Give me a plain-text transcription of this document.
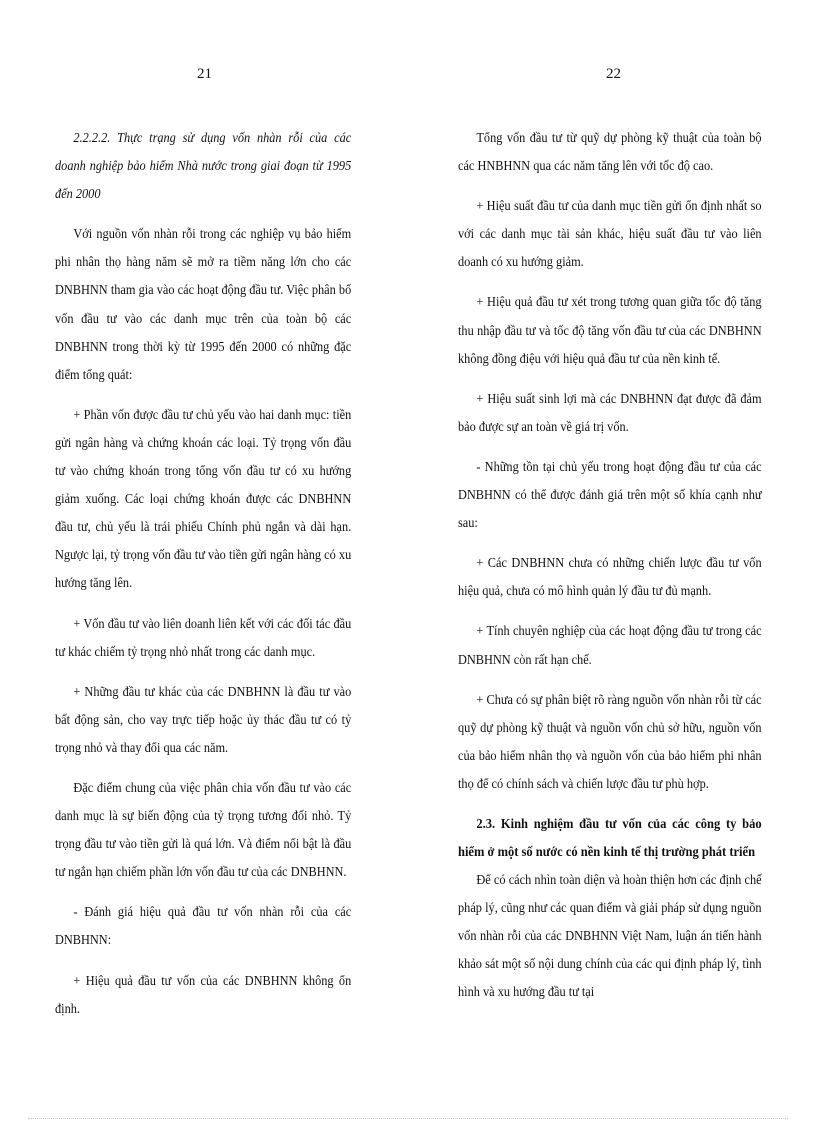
21	22

2.2.2.2. Thực trạng sử dụng vốn nhàn rỗi của các doanh nghiệp bảo hiểm Nhà nước trong giai đoạn từ 1995 đến 2000

Với nguồn vốn nhàn rỗi trong các nghiệp vụ bảo hiểm phi nhân thọ hàng năm sẽ mở ra tiềm năng lớn cho các DNBHNN tham gia vào các hoạt động đầu tư. Việc phân bổ vốn đầu tư vào các danh mục trên của toàn bộ các DNBHNN trong thời kỳ từ 1995 đến 2000 có những đặc điểm tổng quát:

+ Phần vốn được đầu tư chủ yếu vào hai danh mục: tiền gửi ngân hàng và chứng khoán các loại. Tỷ trọng vốn đầu tư vào chứng khoán trong tổng vốn đầu tư có xu hướng giảm xuống. Các loại chứng khoán được các DNBHNN đầu tư, chủ yếu là trái phiếu Chính phủ ngắn và dài hạn. Ngược lại, tỷ trọng vốn đầu tư vào tiền gửi ngân hàng có xu hướng tăng lên.

+ Vốn đầu tư vào liên doanh liên kết với các đối tác đầu tư khác chiếm tỷ trọng nhỏ nhất trong các danh mục.

+ Những đầu tư khác của các DNBHNN là đầu tư vào bất động sản, cho vay trực tiếp hoặc ủy thác đầu tư có tỷ trọng nhỏ và thay đổi qua các năm.

Đặc điểm chung của việc phân chia vốn đầu tư vào các danh mục là sự biến động của tỷ trọng tương đối nhỏ. Tỷ trọng đầu tư vào tiền gửi là quá lớn. Và điểm nổi bật là đầu tư ngắn hạn chiếm phần lớn vốn đầu tư của các DNBHNN.

- Đánh giá hiệu quả đầu tư vốn nhàn rỗi của các DNBHNN:

+ Hiệu quả đầu tư vốn của các DNBHNN không ổn định.

Tổng vốn đầu tư từ quỹ dự phòng kỹ thuật của toàn bộ các HNBHNN qua các năm tăng lên với tốc độ cao.

+ Hiệu suất đầu tư của danh mục tiền gửi ổn định nhất so với các danh mục tài sản khác, hiệu suất đầu tư vào liên doanh có xu hướng giảm.

+ Hiệu quả đầu tư xét trong tương quan giữa tốc độ tăng thu nhập đầu tư và tốc độ tăng vốn đầu tư của các DNBHNN không đồng điệu với hiệu quả đầu tư của nền kinh tế.

+ Hiệu suất sinh lợi mà các DNBHNN đạt được đã đảm bảo được sự an toàn về giá trị vốn.

- Những tồn tại chủ yếu trong hoạt động đầu tư của các DNBHNN có thể được đánh giá trên một số khía cạnh như sau:

+ Các DNBHNN chưa có những chiến lược đầu tư vốn hiệu quả, chưa có mô hình quản lý đầu tư đủ mạnh.

+ Tính chuyên nghiệp của các hoạt động đầu tư trong các DNBHNN còn rất hạn chế.

+ Chưa có sự phân biệt rõ ràng nguồn vốn nhàn rỗi từ các quỹ dự phòng kỹ thuật và nguồn vốn chủ sở hữu, nguồn vốn của bảo hiểm nhân thọ và nguồn vốn của bảo hiểm phi nhân thọ để có chính sách và chiến lược đầu tư phù hợp.

2.3. Kinh nghiệm đầu tư vốn của các công ty bảo hiểm ở một số nước có nền kinh tế thị trường phát triển

Để có cách nhìn toàn diện và hoàn thiện hơn các định chế pháp lý, cũng như các quan điểm và giải pháp sử dụng nguồn vốn nhàn rỗi của các DNBHNN Việt Nam, luận án tiến hành khảo sát một số nội dung chính của các qui định pháp lý, tình hình và xu hướng đầu tư tại
